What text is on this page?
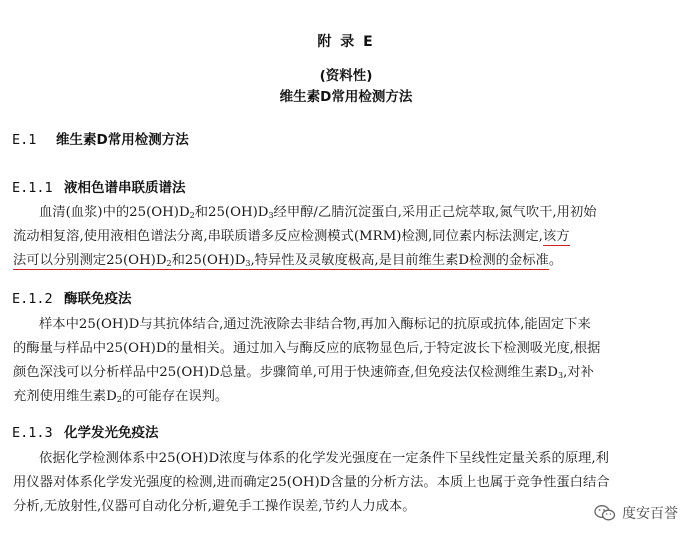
附 录 E
(资料性)
维生素D常用检测方法
E.1 维生素D常用检测方法
E.1.1 液相色谱串联质谱法
血清(血浆)中的$25(OH)D_2$和$25(OH)D_3$经甲醇/乙腈沉淀蛋白,采用正己烷萃取,氮气吹干,用初始
流动相复溶,使用液相色谱法分离,串联质谱多反应检测模式(MRM)检测,同位素内标法测定,该方
法可以分别测定$25(OH)D_2$和$25(OH)D_3$,特异性及灵敏度极高,是目前维生素D检测的金标准。
E.1.2 酶联免疫法
样本中25(OH)D与其抗体结合,通过洗液除去非结合物,再加入酶标记的抗原或抗体,能固定下来
的酶量与样品中25(OH)D的量相关。通过加入与酶反应的底物显色后,于特定波长下检测吸光度,根据
颜色深浅可以分析样品中25(OH)D总量。步骤简单,可用于快速筛查,但免疫法仅检测维生素$D_3$,对补
充剂使用维生素$D_2$的可能存在误判。
E.1.3 化学发光免疫法
依据化学检测体系中25(OH)D浓度与体系的化学发光强度在一定条件下呈线性定量关系的原理,利
用仪器对体系化学发光强度的检测,进而确定25(OH)D含量的分析方法。本质上也属于竞争性蛋白结合
分析,无放射性,仪器可自动化分析,避免手工操作误差,节约人力成本。	度安百誉
